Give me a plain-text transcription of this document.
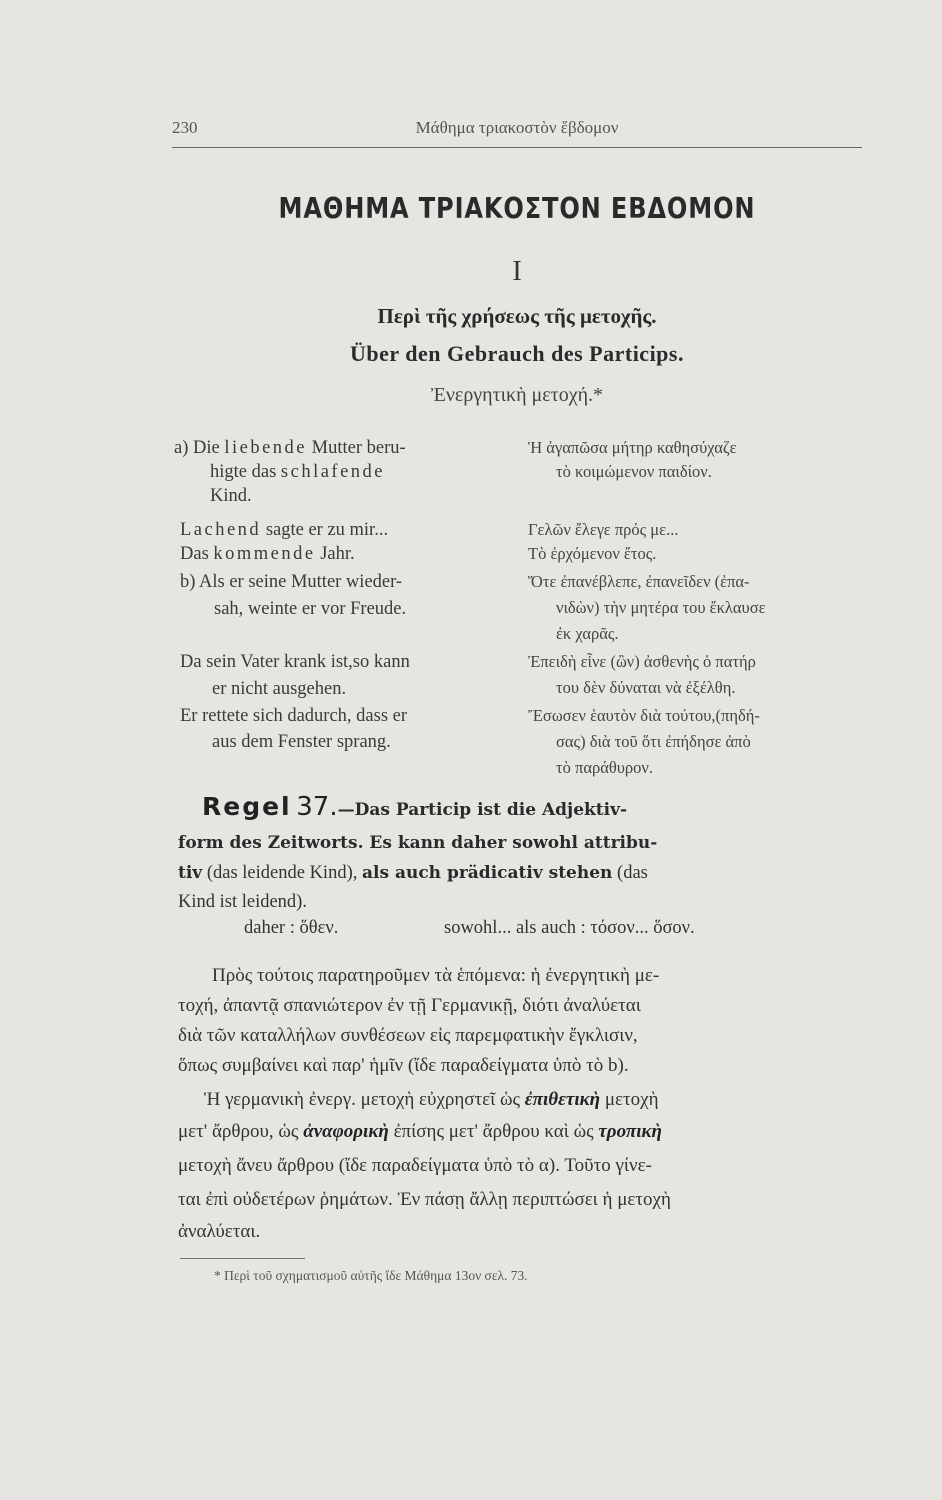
230	Μάθημα τριακοστὸν ἕβδομον
ΜΑΘΗΜΑ ΤΡΙΑΚΟΣΤΟΝ ΕΒΔΟΜΟΝ
I
Περὶ τῆς χρήσεως τῆς μετοχῆς.
Über den Gebrauch des Particips.
Ἐνεργητικὴ μετοχή.*
a) Die liebende Mutter beru-
higte das schlafende
Kind.
Lachend sagte er zu mir...
Das kommende Jahr.
b) Als er seine Mutter wieder-
sah, weinte er vor Freude.
Da sein Vater krank ist,so kann
er nicht ausgehen.
Er rettete sich dadurch, dass er
aus dem Fenster sprang.
Ἡ ἀγαπῶσα μήτηρ καθησύχαζε
τὸ κοιμώμενον παιδίον.
Γελῶν ἔλεγε πρός με...
Τὸ ἐρχόμενον ἔτος.
Ὅτε ἐπανέβλεπε, ἐπανεῖδεν (ἐπα-
νιδὼν) τὴν μητέρα του ἔκλαυσε
ἐκ χαρᾶς.
Ἐπειδὴ εἶνε (ὢν) ἀσθενὴς ὁ πατήρ
του δὲν δύναται νὰ ἐξέλθη.
Ἔσωσεν ἑαυτὸν διὰ τούτου,(πηδή-
σας) διὰ τοῦ ὅτι ἐπήδησε ἀπὸ
τὸ παράθυρον.
Regel 37.—Das Particip ist die Adjektiv-
form des Zeitworts. Es kann daher sowohl attribu-
tiv (das leidende Kind), als auch prädicativ stehen (das
Kind ist leidend).
daher : ὅθεν.	sowohl... als auch : τόσον... ὅσον.
Πρὸς τούτοις παρατηροῦμεν τὰ ἑπόμενα: ἡ ἐνεργητικὴ με-
τοχή, ἀπαντᾷ σπανιώτερον ἐν τῇ Γερμανικῇ, διότι ἀναλύεται
διὰ τῶν καταλλήλων συνθέσεων εἰς παρεμφατικὴν ἔγκλισιν,
ὅπως συμβαίνει καὶ παρ' ἡμῖν (ἴδε παραδείγματα ὑπὸ τὸ b).
Ἡ γερμανικὴ ἐνεργ. μετοχὴ εὐχρηστεῖ ὡς ἐπιθετικὴ μετοχὴ
μετ' ἄρθρου, ὡς ἀναφορικὴ ἐπίσης μετ' ἄρθρου καὶ ὡς τροπικὴ
μετοχὴ ἄνευ ἄρθρου (ἴδε παραδείγματα ὑπὸ τὸ α). Τοῦτο γίνε-
ται ἐπὶ οὐδετέρων ῥημάτων. Ἐν πάσῃ ἄλλῃ περιπτώσει ἡ μετοχὴ
ἀναλύεται.
* Περὶ τοῦ σχηματισμοῦ αὐτῆς ἴδε Μάθημα 13ον σελ. 73.
